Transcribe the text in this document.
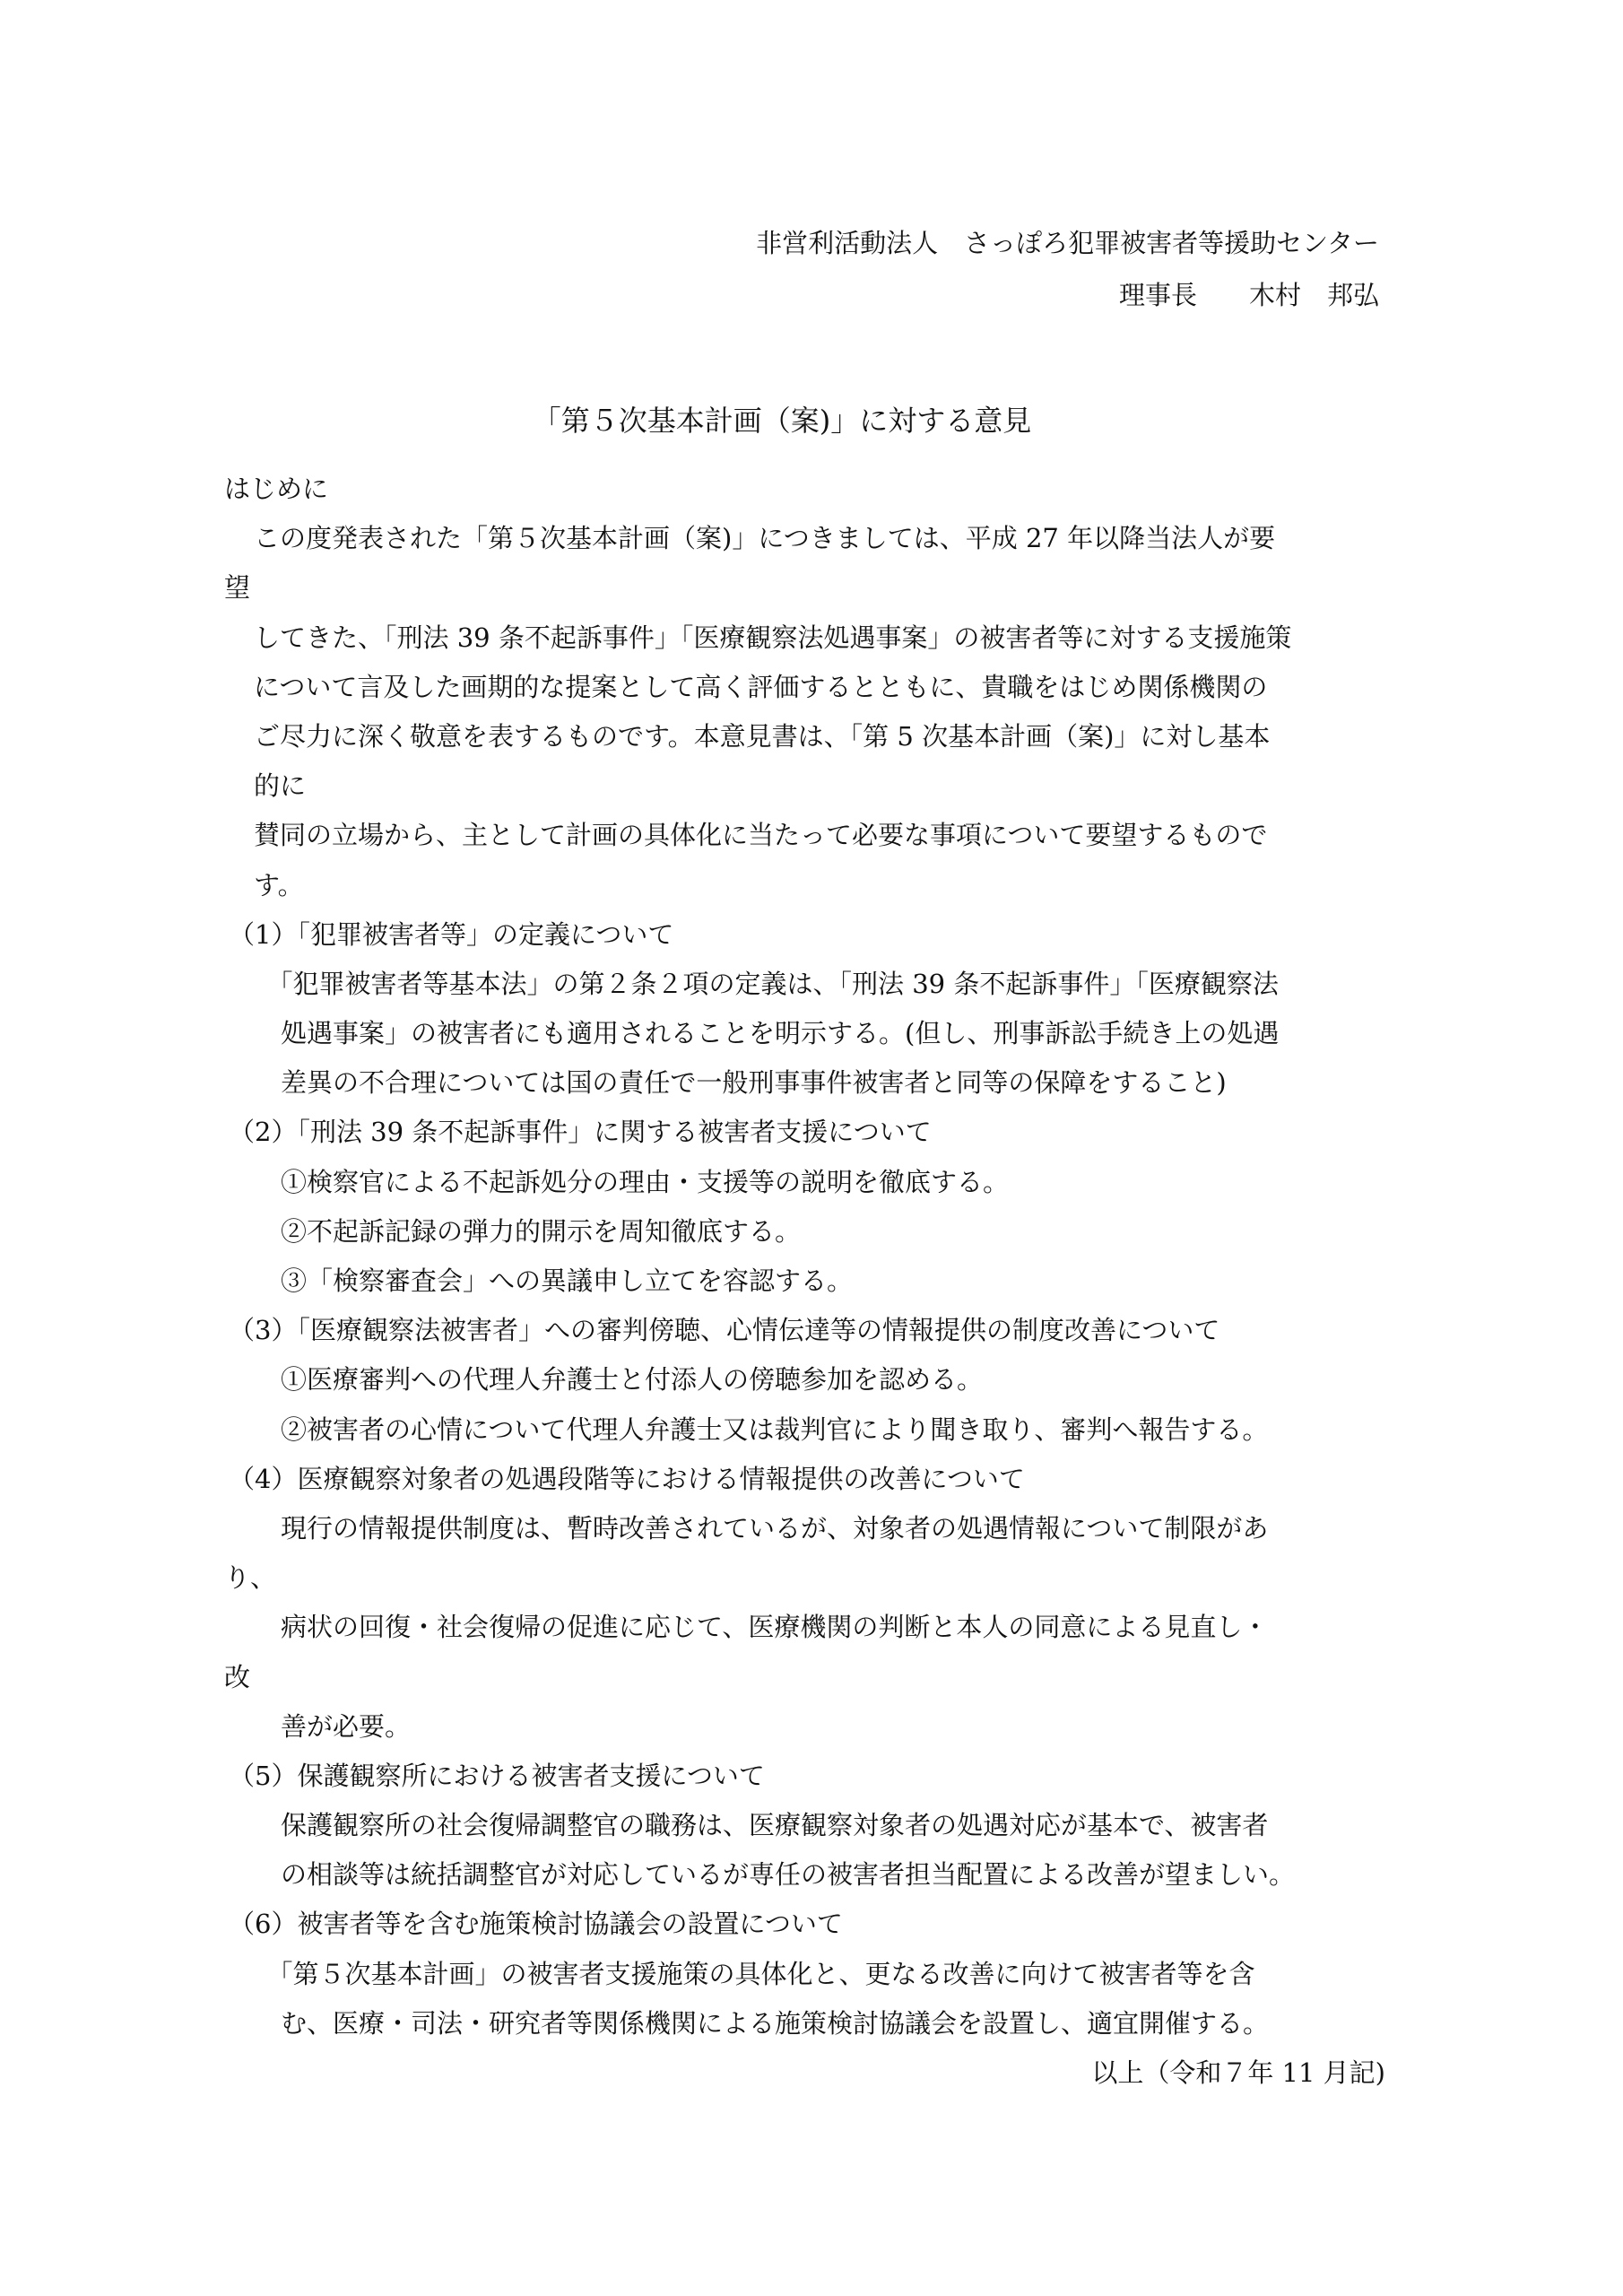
非営利活動法人　さっぽろ犯罪被害者等援助センター
理事長　　木村　邦弘
「第５次基本計画（案)」に対する意見
はじめに
この度発表された「第５次基本計画（案)」につきましては、平成 27 年以降当法人が要
望
してきた、「刑法 39 条不起訴事件」「医療観察法処遇事案」の被害者等に対する支援施策
について言及した画期的な提案として高く評価するとともに、貴職をはじめ関係機関の
ご尽力に深く敬意を表するものです。本意見書は、「第 5 次基本計画（案)」に対し基本
的に
賛同の立場から、主として計画の具体化に当たって必要な事項について要望するもので
す。
（1）「犯罪被害者等」の定義について
　「犯罪被害者等基本法」の第２条２項の定義は、「刑法 39 条不起訴事件」「医療観察法
処遇事案」の被害者にも適用されることを明示する。(但し、刑事訴訟手続き上の処遇
差異の不合理については国の責任で一般刑事事件被害者と同等の保障をすること)
（2）「刑法 39 条不起訴事件」に関する被害者支援について
①検察官による不起訴処分の理由・支援等の説明を徹底する。
②不起訴記録の弾力的開示を周知徹底する。
③「検察審査会」への異議申し立てを容認する。
（3）「医療観察法被害者」への審判傍聴、心情伝達等の情報提供の制度改善について
①医療審判への代理人弁護士と付添人の傍聴参加を認める。
②被害者の心情について代理人弁護士又は裁判官により聞き取り、審判へ報告する。
（4）医療観察対象者の処遇段階等における情報提供の改善について
現行の情報提供制度は、暫時改善されているが、対象者の処遇情報について制限があ
り、
病状の回復・社会復帰の促進に応じて、医療機関の判断と本人の同意による見直し・
改
善が必要。
（5）保護観察所における被害者支援について
保護観察所の社会復帰調整官の職務は、医療観察対象者の処遇対応が基本で、被害者
の相談等は統括調整官が対応しているが専任の被害者担当配置による改善が望ましい。
（6）被害者等を含む施策検討協議会の設置について
　「第５次基本計画」の被害者支援施策の具体化と、更なる改善に向けて被害者等を含
む、医療・司法・研究者等関係機関による施策検討協議会を設置し、適宜開催する。
以上（令和７年 11 月記)
